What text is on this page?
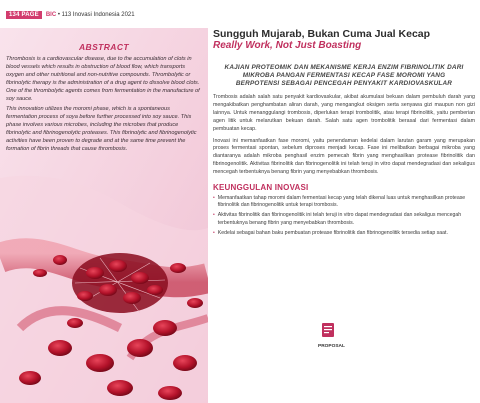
134 PAGE	BIC • 113 Inovasi Indonesia 2021
ABSTRACT

Thrombosis is a cardiovascular disease, due to the accumulation of clots in blood vessels which results in obstruction of blood flow, which transports oxygen and other nutritional and non-nutritive compounds. Thrombolytic or fibrinolytic therapy is the administration of a drug agent to dissolve blood clots. One of the thrombolytic agents comes from fermentation in the manufacture of soy sauce.

This innovation utilizes the moromi phase, which is a spontaneous fermentation process of soya before further processed into soy sauce. This phase involves various microbes, including the microbes that produce fibrinolytic and fibrinogenolytic proteases. This fibrinolytic and fibrinogenolytic activities have been proven to degrade and at the same time prevent the formation of fibrin threads that cause thrombosis.

Sungguh Mujarab, Bukan Cuma Jual Kecap
Really Work, Not Just Boasting
KAJIAN PROTEOMIK DAN MEKANISME KERJA ENZIM FIBRINOLITIK DARI MIKROBA PANGAN FERMENTASI KECAP FASE MOROMI YANG BERPOTENSI SEBAGAI PENCEGAH PENYAKIT KARDIOVASKULAR

Trombosis adalah salah satu penyakit kardiovaskular, akibat akumulasi bekuan dalam pembuluh darah yang mengakibatkan penghambatan aliran darah, yang mengangkut oksigen serta senyawa gizi maupun non gizi lainnya. Untuk menanggulangi trombosis, diperlukan terapi trombolitik, atau terapi fibrinolitik, yaitu pemberian agen litik untuk melarutkan bekuan darah. Salah satu agen trombolitik berasal dari fermentasi dalam pembuatan kecap.

Inovasi ini memanfaatkan fase moromi, yaitu penendaman kedelai dalam larutan garam yang merupakan proses fermentasi spontan, sebelum diproses menjadi kecap. Fase ini melibatkan berbagai mikroba yang diantaranya adalah mikroba penghasil enzim pemecah fibrin yang menghasilkan protease fibrinolitik dan fibrinogenolitik. Aktivitas fibrinolitik dan fibrinogenolitik ini telah teruji in vitro dapat mendegradasi dan sekaligus mencegah terbentuknya benang fibrin yang menyebabkan thrombosis.

KEUNGGULAN INOVASI
• Memanfaatkan tahap moromi dalam fermentasi kecap yang telah dikenal luas untuk menghasilkan protease fibrinolitik dan fibrinogenolitik untuk terapi trombosis.
• Aktivitas fibrinolitik dan fibrinogenolitik ini telah teruji in vitro dapat mendegradasi dan sekaligus mencegah terbentuknya benang fibrin yang menyebabkan thrombosis.
• Kedelai sebagai bahan baku pembuatan protease fibrinolitik dan fibrinogenolitik tersedia setiap saat.
PROPOSAL
